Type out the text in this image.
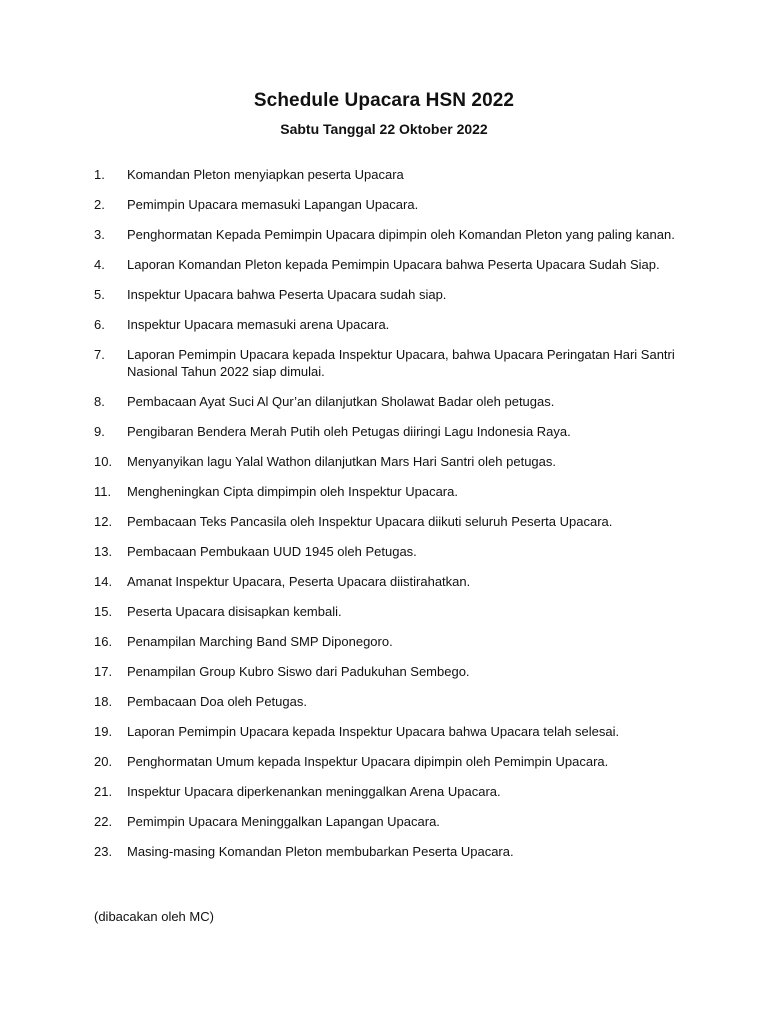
Schedule Upacara HSN 2022
Sabtu Tanggal 22 Oktober 2022
1.	Komandan Pleton menyiapkan peserta Upacara
2.	Pemimpin Upacara memasuki Lapangan Upacara.
3.	Penghormatan Kepada Pemimpin Upacara dipimpin oleh Komandan Pleton yang paling kanan.
4.	Laporan Komandan Pleton kepada Pemimpin Upacara bahwa Peserta Upacara Sudah Siap.
5.	Inspektur Upacara bahwa Peserta Upacara sudah siap.
6.	Inspektur Upacara memasuki arena Upacara.
7.	Laporan Pemimpin Upacara kepada Inspektur Upacara, bahwa Upacara Peringatan Hari Santri Nasional Tahun 2022 siap dimulai.
8.	Pembacaan Ayat Suci Al Qur’an dilanjutkan Sholawat Badar oleh petugas.
9.	Pengibaran Bendera Merah Putih oleh Petugas diiringi Lagu Indonesia Raya.
10.	Menyanyikan lagu Yalal Wathon dilanjutkan Mars Hari Santri oleh petugas.
11.	Mengheningkan Cipta dimpimpin oleh Inspektur Upacara.
12.	Pembacaan Teks Pancasila oleh Inspektur Upacara diikuti seluruh Peserta Upacara.
13.	Pembacaan Pembukaan UUD 1945 oleh Petugas.
14.	Amanat Inspektur Upacara, Peserta Upacara diistirahatkan.
15.	Peserta Upacara disisapkan kembali.
16.	Penampilan Marching Band SMP Diponegoro.
17.	Penampilan Group Kubro Siswo dari Padukuhan Sembego.
18.	Pembacaan Doa oleh Petugas.
19.	Laporan Pemimpin Upacara kepada Inspektur Upacara bahwa Upacara telah selesai.
20.	Penghormatan Umum kepada Inspektur Upacara dipimpin oleh Pemimpin Upacara.
21.	Inspektur Upacara diperkenankan meninggalkan Arena Upacara.
22.	Pemimpin Upacara Meninggalkan Lapangan Upacara.
23.	Masing-masing Komandan Pleton membubarkan Peserta Upacara.
(dibacakan oleh MC)
